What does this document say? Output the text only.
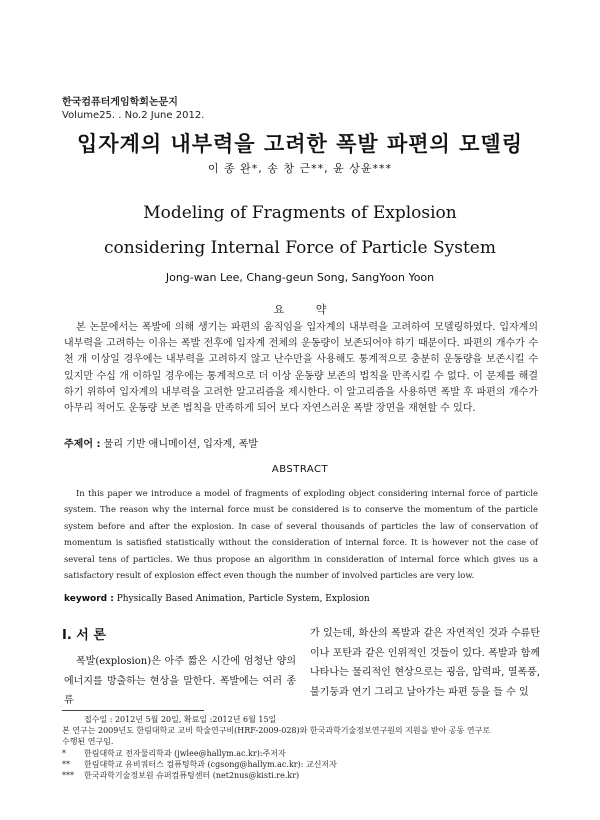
한국컴퓨터게임학회논문지
Volume25. . No.2 June 2012.
입자계의 내부력을 고려한 폭발 파편의 모델링
이 종 완*, 송 창 근**, 윤 상윤***
Modeling of Fragments of Explosion
considering Internal Force of Particle System
Jong-wan Lee, Chang-geun Song, SangYoon Yoon
요 약
본 논문에서는 폭발에 의해 생기는 파편의 움직임을 입자계의 내부력을 고려하여 모델링하였다. 입자계의 내부력을 고려하는 이유는 폭발 전후에 입자계 전체의 운동량이 보존되어야 하기 때문이다. 파편의 개수가 수천 개 이상일 경우에는 내부력을 고려하지 않고 난수만을 사용해도 통계적으로 충분히 운동량을 보존시킬 수 있지만 수십 개 이하일 경우에는 통계적으로 더 이상 운동량 보존의 법칙을 만족시킬 수 없다. 이 문제를 해결하기 위하여 입자계의 내부력을 고려한 알고리즘을 제시한다. 이 알고리즘을 사용하면 폭발 후 파편의 개수가 아무리 적어도 운동량 보존 법칙을 만족하게 되어 보다 자연스러운 폭발 장면을 재현할 수 있다.
주제어 : 물리 기반 애니메이션, 입자계, 폭발
ABSTRACT
In this paper we introduce a model of fragments of exploding object considering internal force of particle system. The reason why the internal force must be considered is to conserve the momentum of the particle system before and after the explosion. In case of several thousands of particles the law of conservation of momentum is satisfied statistically without the consideration of internal force. It is however not the case of several tens of particles. We thus propose an algorithm in consideration of internal force which gives us a satisfactory result of explosion effect even though the number of involved particles are very low.
keyword : Physically Based Animation, Particle System, Explosion
Ⅰ. 서 론
폭발(explosion)은 아주 짧은 시간에 엄청난 양의 에너지를 방출하는 현상을 말한다. 폭발에는 여러 종류
가 있는데, 화산의 폭발과 같은 자연적인 것과 수류탄이나 포탄과 같은 인위적인 것들이 있다. 폭발과 함께 나타나는 물리적인 현상으로는 굉음, 압력파, 열폭풍, 불기둥과 연기 그리고 날아가는 파편 등을 들 수 있
접수일 : 2012년 5월 20일, 확료일 :2012년 6월 15일
본 연구는 2009년도 한림대학교 교비 학술연구비(HRF-2009-028)와 한국과학기술정보연구원의 지원을 받아 공동 연구로
수행된 연구임.
* 한림대학교 전자물리학과 (jwlee@hallym.ac.kr):주저자
** 한림대학교 유비쿼터스 컴퓨팅학과 (cgsong@hallym.ac.kr): 교신저자
*** 한국과학기술정보원 슈퍼컴퓨팅센터 (net2nus@kisti.re.kr)
